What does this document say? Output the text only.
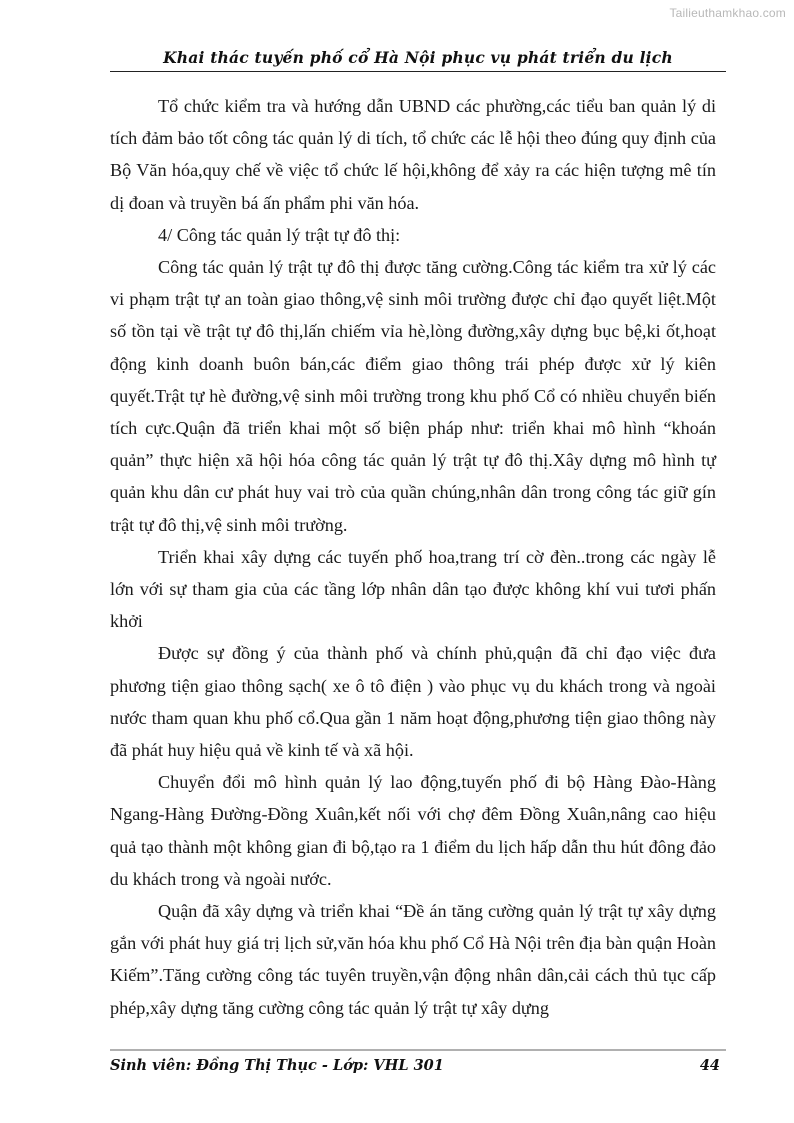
Tailieuthamkhao.com
Khai thác tuyến phố cổ Hà Nội phục vụ phát triển du lịch

Tổ chức kiểm tra và hướng dẫn UBND các phường,các tiểu ban quản lý di tích đảm bảo tốt công tác quản lý di tích, tổ chức các lễ hội theo đúng quy định của Bộ Văn hóa,quy chế về việc tổ chức lế hội,không để xảy ra các hiện tượng mê tín dị đoan và truyền bá ấn phẩm phi văn hóa.

4/ Công tác quản lý trật tự đô thị:

Công tác quản lý trật tự đô thị được tăng cường.Công tác kiểm tra xử lý các vi phạm trật tự an toàn giao thông,vệ sinh môi trường được chỉ đạo quyết liệt.Một số tồn tại về trật tự đô thị,lấn chiếm vỉa hè,lòng đường,xây dựng bục bệ,ki ốt,hoạt động kinh doanh buôn bán,các điểm giao thông trái phép được xử lý kiên quyết.Trật tự hè đường,vệ sinh môi trường trong khu phố Cổ có nhiều chuyển biến tích cực.Quận đã triển khai một số biện pháp như: triển khai mô hình “khoán quản” thực hiện xã hội hóa công tác quản lý trật tự đô thị.Xây dựng mô hình tự quản khu dân cư phát huy vai trò của quần chúng,nhân dân trong công tác giữ gín trật tự đô thị,vệ sinh môi trường.

Triển khai xây dựng các tuyến phố hoa,trang trí cờ đèn..trong các ngày lễ lớn với sự tham gia của các tầng lớp nhân dân tạo được không khí vui tươi phấn khởi

Được sự đồng ý của thành phố và chính phủ,quận đã chỉ đạo việc đưa phương tiện giao thông sạch( xe ô tô điện ) vào phục vụ du khách trong và ngoài nước tham quan khu phố cổ.Qua gần 1 năm hoạt động,phương tiện giao thông này đã phát huy hiệu quả về kinh tế và xã hội.

Chuyển đổi mô hình quản lý lao động,tuyến phố đi bộ Hàng Đào-Hàng Ngang-Hàng Đường-Đồng Xuân,kết nối với chợ đêm Đồng Xuân,nâng cao hiệu quả tạo thành một không gian đi bộ,tạo ra 1 điểm du lịch hấp dẫn thu hút đông đảo du khách trong và ngoài nước.

Quận đã xây dựng và triển khai “Đề án tăng cường quản lý trật tự xây dựng gắn với phát huy giá trị lịch sử,văn hóa khu phố Cổ Hà Nội trên địa bàn quận Hoàn Kiếm”.Tăng cường công tác tuyên truyền,vận động nhân dân,cải cách thủ tục cấp phép,xây dựng tăng cường công tác quản lý trật tự xây dựng

Sinh viên: Đồng Thị Thục - Lớp: VHL 301	44
